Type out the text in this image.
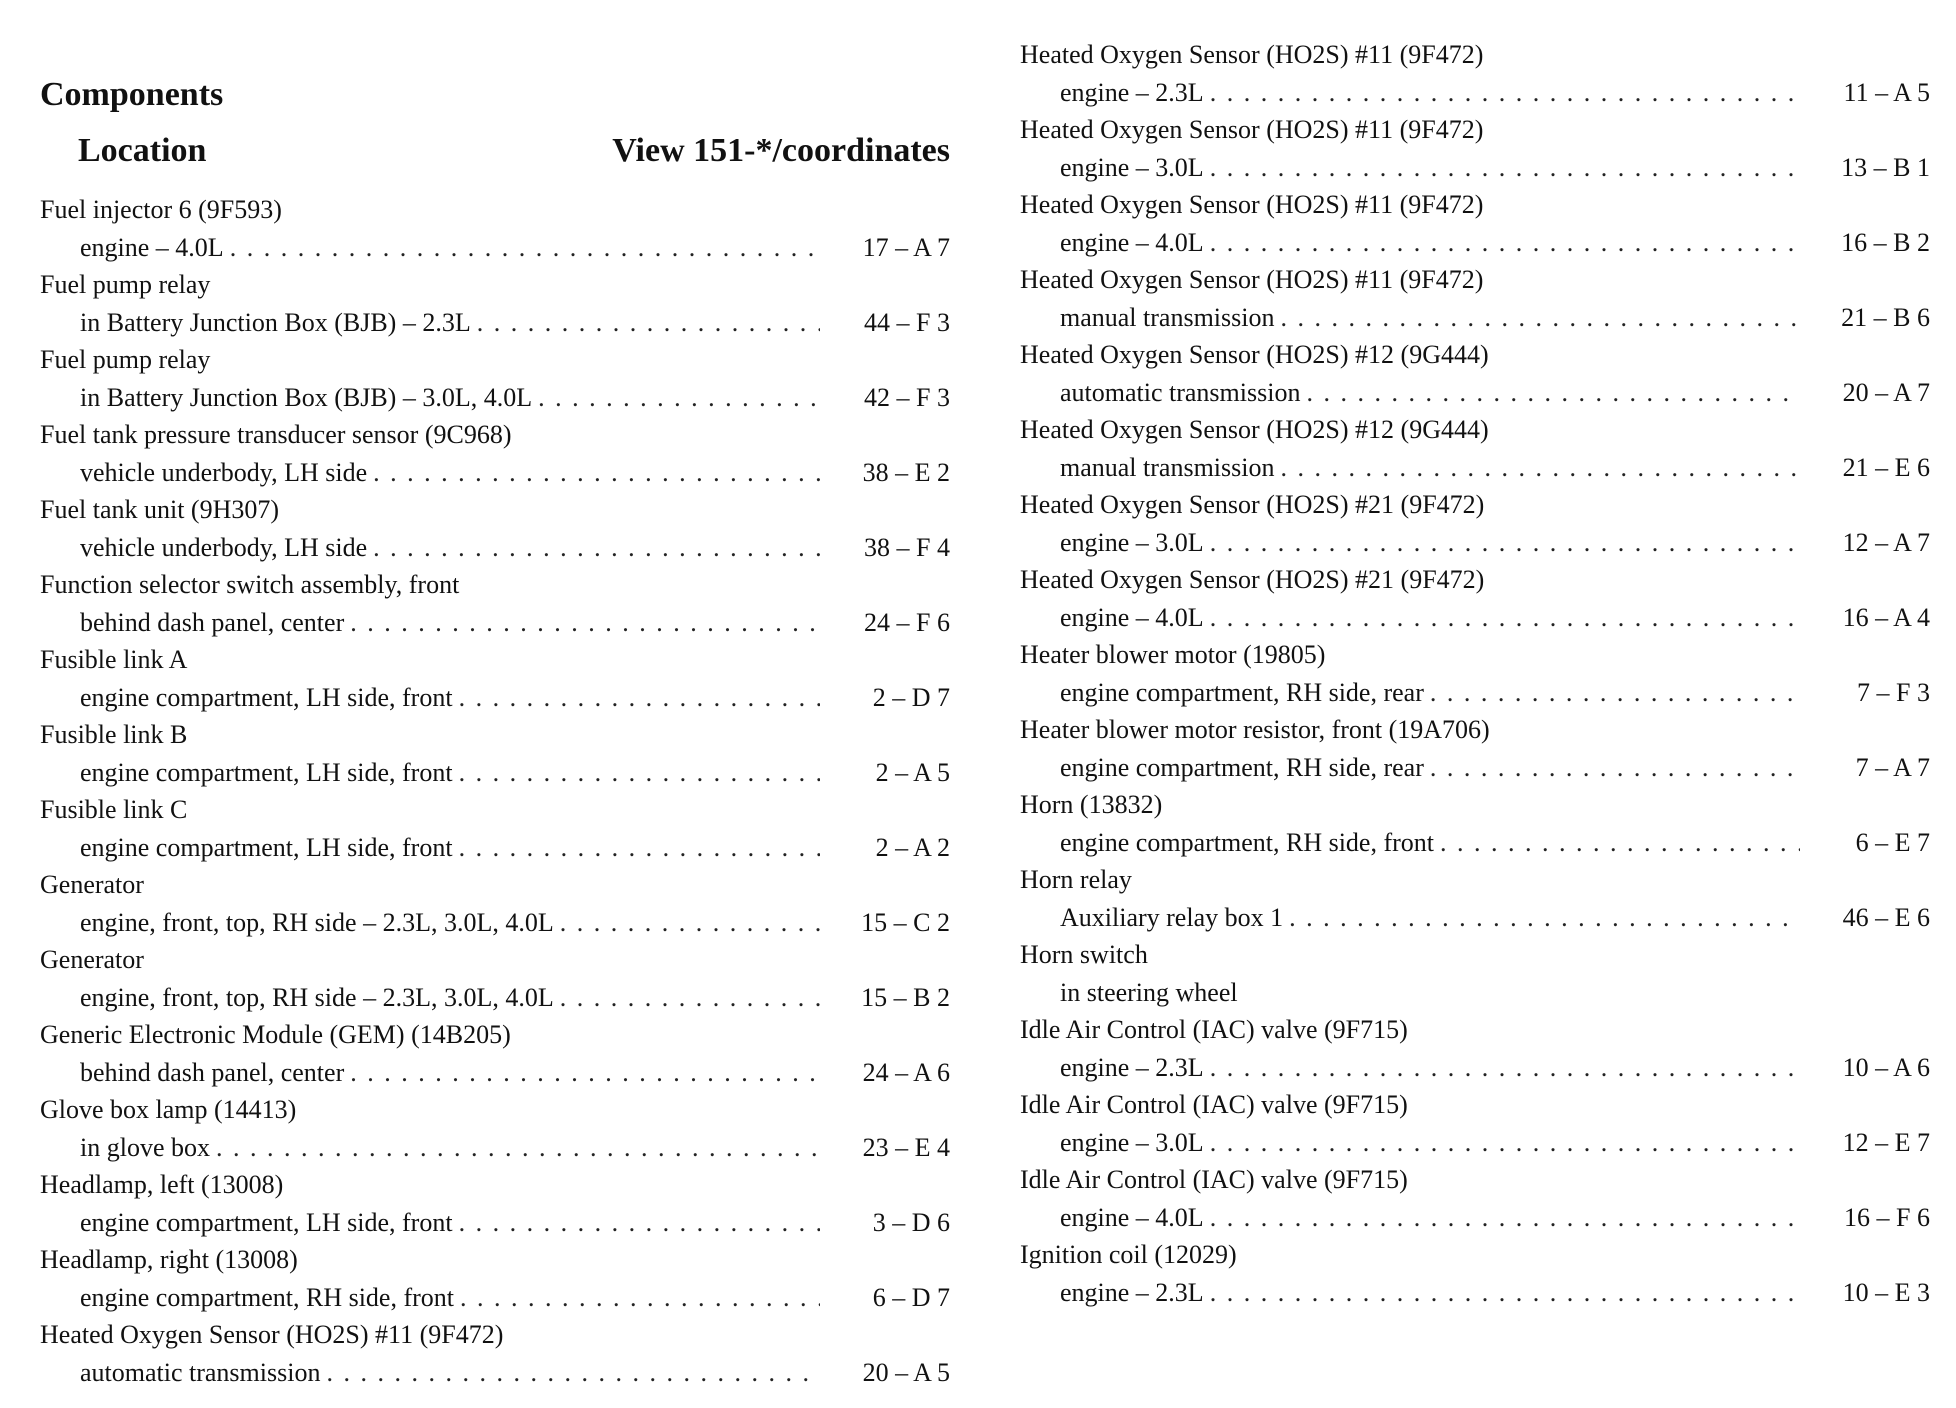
Components
Location	View 151-*/coordinates
Fuel injector 6 (9F593)
engine – 4.0L . . .	17 – A 7
Fuel pump relay
in Battery Junction Box (BJB) – 2.3L . . .	44 – F 3
Fuel pump relay
in Battery Junction Box (BJB) – 3.0L, 4.0L . . .	42 – F 3
Fuel tank pressure transducer sensor (9C968)
vehicle underbody, LH side . . .	38 – E 2
Fuel tank unit (9H307)
vehicle underbody, LH side . . .	38 – F 4
Function selector switch assembly, front
behind dash panel, center . . .	24 – F 6
Fusible link A
engine compartment, LH side, front . . .	2 – D 7
Fusible link B
engine compartment, LH side, front . . .	2 – A 5
Fusible link C
engine compartment, LH side, front . . .	2 – A 2
Generator
engine, front, top, RH side – 2.3L, 3.0L, 4.0L . . .	15 – C 2
Generator
engine, front, top, RH side – 2.3L, 3.0L, 4.0L . . .	15 – B 2
Generic Electronic Module (GEM) (14B205)
behind dash panel, center . . .	24 – A 6
Glove box lamp (14413)
in glove box . . .	23 – E 4
Headlamp, left (13008)
engine compartment, LH side, front . . .	3 – D 6
Headlamp, right (13008)
engine compartment, RH side, front . . .	6 – D 7
Heated Oxygen Sensor (HO2S) #11 (9F472)
automatic transmission . . .	20 – A 5
Heated Oxygen Sensor (HO2S) #11 (9F472)
engine – 2.3L . . .	11 – A 5
Heated Oxygen Sensor (HO2S) #11 (9F472)
engine – 3.0L . . .	13 – B 1
Heated Oxygen Sensor (HO2S) #11 (9F472)
engine – 4.0L . . .	16 – B 2
Heated Oxygen Sensor (HO2S) #11 (9F472)
manual transmission . . .	21 – B 6
Heated Oxygen Sensor (HO2S) #12 (9G444)
automatic transmission . . .	20 – A 7
Heated Oxygen Sensor (HO2S) #12 (9G444)
manual transmission . . .	21 – E 6
Heated Oxygen Sensor (HO2S) #21 (9F472)
engine – 3.0L . . .	12 – A 7
Heated Oxygen Sensor (HO2S) #21 (9F472)
engine – 4.0L . . .	16 – A 4
Heater blower motor (19805)
engine compartment, RH side, rear . . .	7 – F 3
Heater blower motor resistor, front (19A706)
engine compartment, RH side, rear . . .	7 – A 7
Horn (13832)
engine compartment, RH side, front . . .	6 – E 7
Horn relay
Auxiliary relay box 1 . . .	46 – E 6
Horn switch
in steering wheel
Idle Air Control (IAC) valve (9F715)
engine – 2.3L . . .	10 – A 6
Idle Air Control (IAC) valve (9F715)
engine – 3.0L . . .	12 – E 7
Idle Air Control (IAC) valve (9F715)
engine – 4.0L . . .	16 – F 6
Ignition coil (12029)
engine – 2.3L . . .	10 – E 3
